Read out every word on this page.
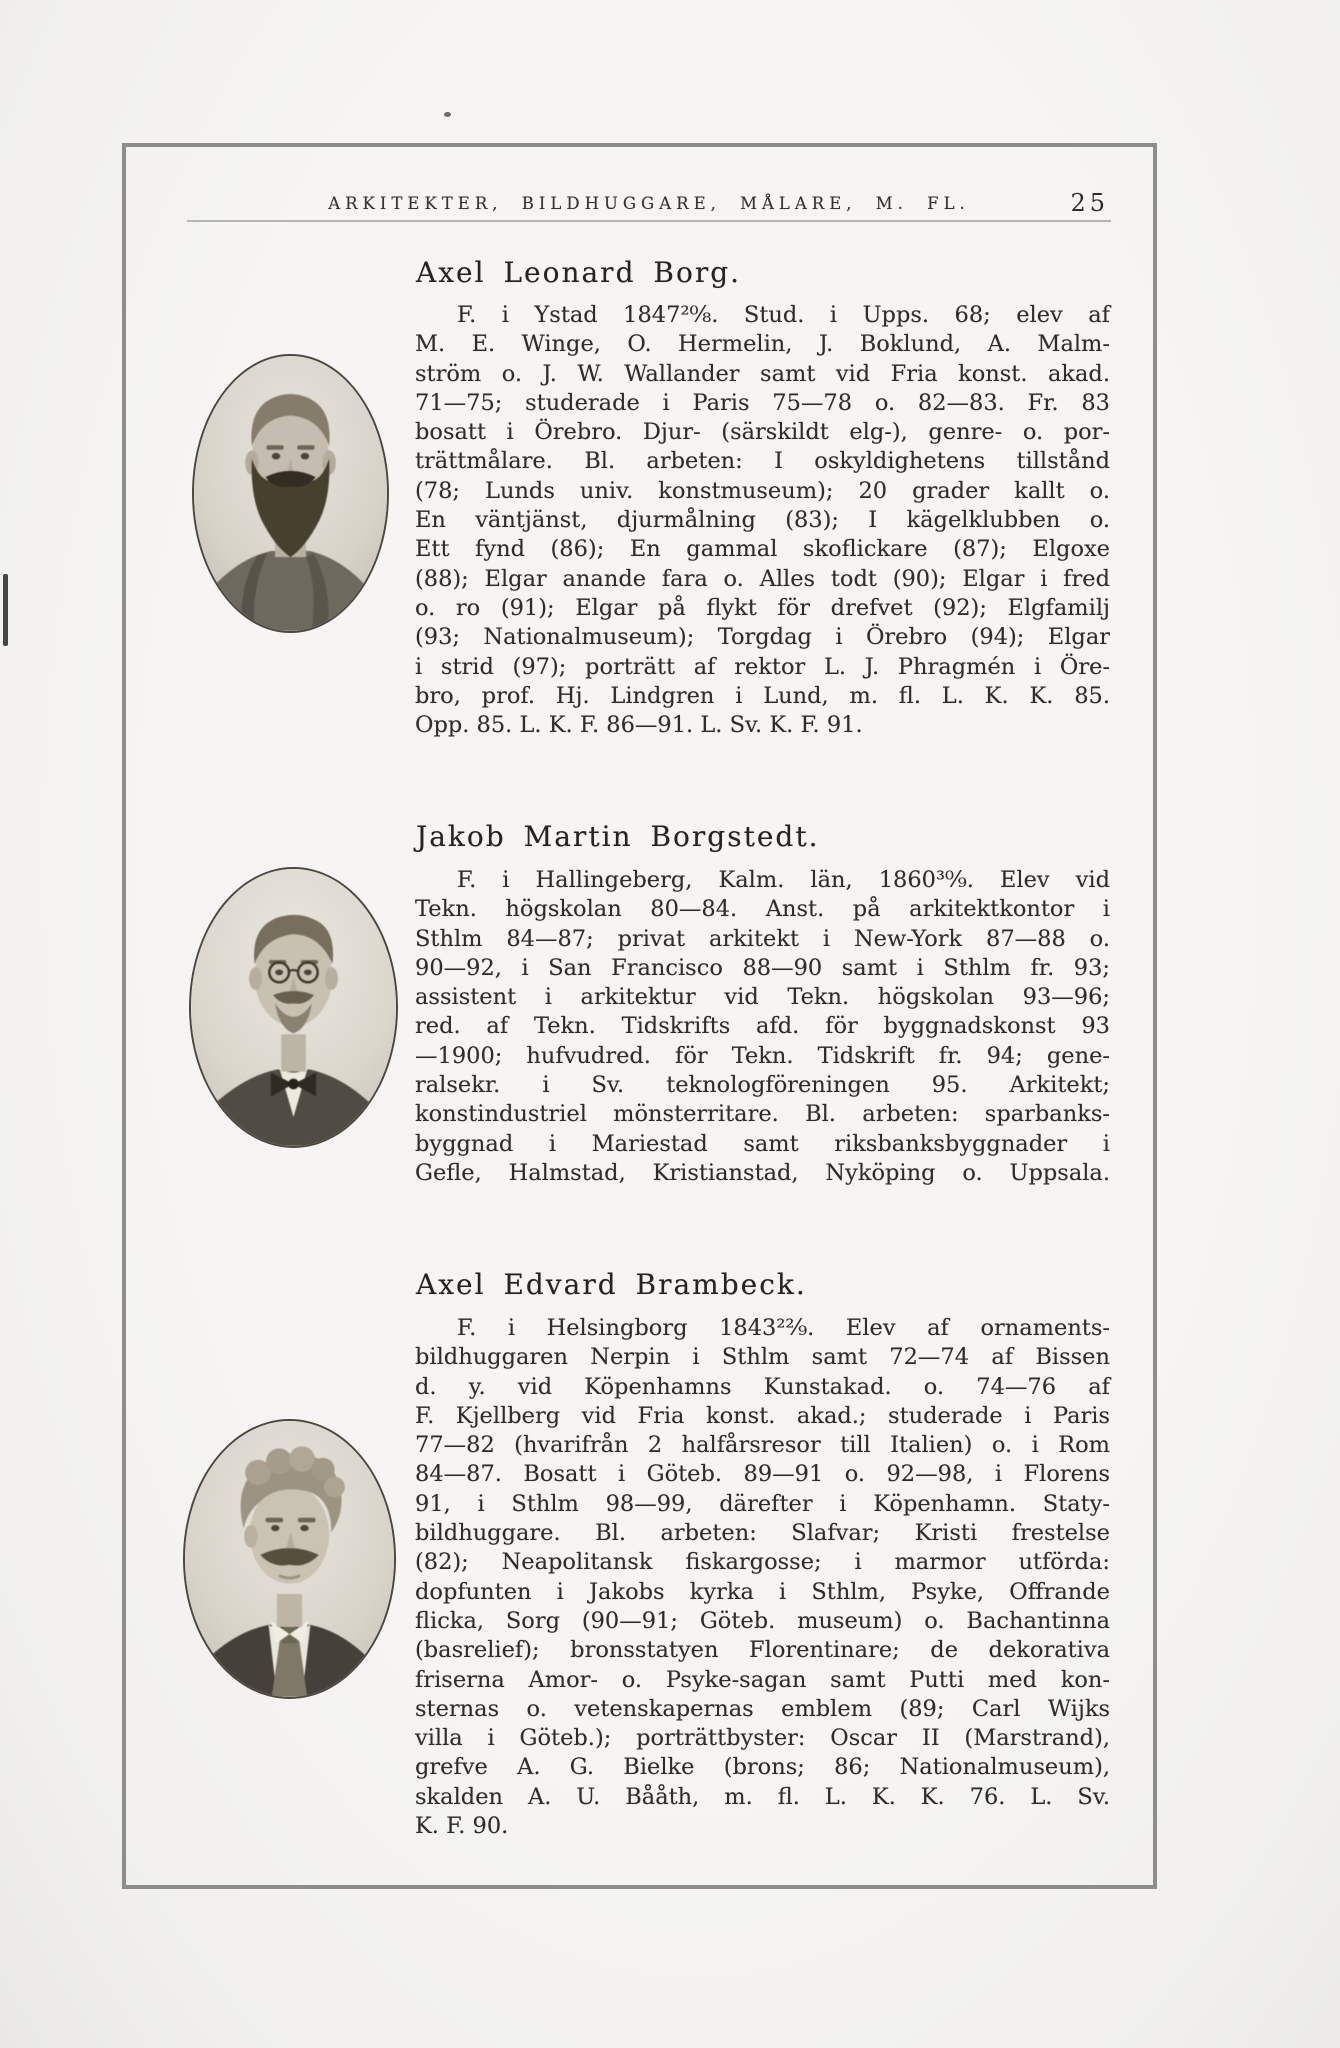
ARKITEKTER, BILDHUGGARE, MÅLARE, M. FL.	25
Axel Leonard Borg.
F. i Ystad 1847²⁰⁄₈. Stud. i Upps. 68; elev af
M. E. Winge, O. Hermelin, J. Boklund, A. Malm-
ström o. J. W. Wallander samt vid Fria konst. akad.
71—75; studerade i Paris 75—78 o. 82—83. Fr. 83
bosatt i Örebro. Djur- (särskildt elg-), genre- o. por-
trättmålare. Bl. arbeten: I oskyldighetens tillstånd
(78; Lunds univ. konstmuseum); 20 grader kallt o.
En väntjänst, djurmålning (83); I kägelklubben o.
Ett fynd (86); En gammal skoflickare (87); Elgoxe
(88); Elgar anande fara o. Alles todt (90); Elgar i fred
o. ro (91); Elgar på flykt för drefvet (92); Elgfamilj
(93; Nationalmuseum); Torgdag i Örebro (94); Elgar
i strid (97); porträtt af rektor L. J. Phragmén i Öre-
bro, prof. Hj. Lindgren i Lund, m. fl. L. K. K. 85.
Opp. 85. L. K. F. 86—91. L. Sv. K. F. 91.
Jakob Martin Borgstedt.
F. i Hallingeberg, Kalm. län, 1860³⁰⁄₉. Elev vid
Tekn. högskolan 80—84. Anst. på arkitektkontor i
Sthlm 84—87; privat arkitekt i New-York 87—88 o.
90—92, i San Francisco 88—90 samt i Sthlm fr. 93;
assistent i arkitektur vid Tekn. högskolan 93—96;
red. af Tekn. Tidskrifts afd. för byggnadskonst 93
—1900; hufvudred. för Tekn. Tidskrift fr. 94; gene-
ralsekr. i Sv. teknologföreningen 95. Arkitekt;
konstindustriel mönsterritare. Bl. arbeten: sparbanks-
byggnad i Mariestad samt riksbanksbyggnader i
Gefle, Halmstad, Kristianstad, Nyköping o. Uppsala.
Axel Edvard Brambeck.
F. i Helsingborg 1843²²⁄₉. Elev af ornaments-
bildhuggaren Nerpin i Sthlm samt 72—74 af Bissen
d. y. vid Köpenhamns Kunstakad. o. 74—76 af
F. Kjellberg vid Fria konst. akad.; studerade i Paris
77—82 (hvarifrån 2 halfårsresor till Italien) o. i Rom
84—87. Bosatt i Göteb. 89—91 o. 92—98, i Florens
91, i Sthlm 98—99, därefter i Köpenhamn. Staty-
bildhuggare. Bl. arbeten: Slafvar; Kristi frestelse
(82); Neapolitansk fiskargosse; i marmor utförda:
dopfunten i Jakobs kyrka i Sthlm, Psyke, Offrande
flicka, Sorg (90—91; Göteb. museum) o. Bachantinna
(basrelief); bronsstatyen Florentinare; de dekorativa
friserna Amor- o. Psyke-sagan samt Putti med kon-
sternas o. vetenskapernas emblem (89; Carl Wijks
villa i Göteb.); porträttbyster: Oscar II (Marstrand),
grefve A. G. Bielke (brons; 86; Nationalmuseum),
skalden A. U. Bååth, m. fl. L. K. K. 76. L. Sv.
K. F. 90.
